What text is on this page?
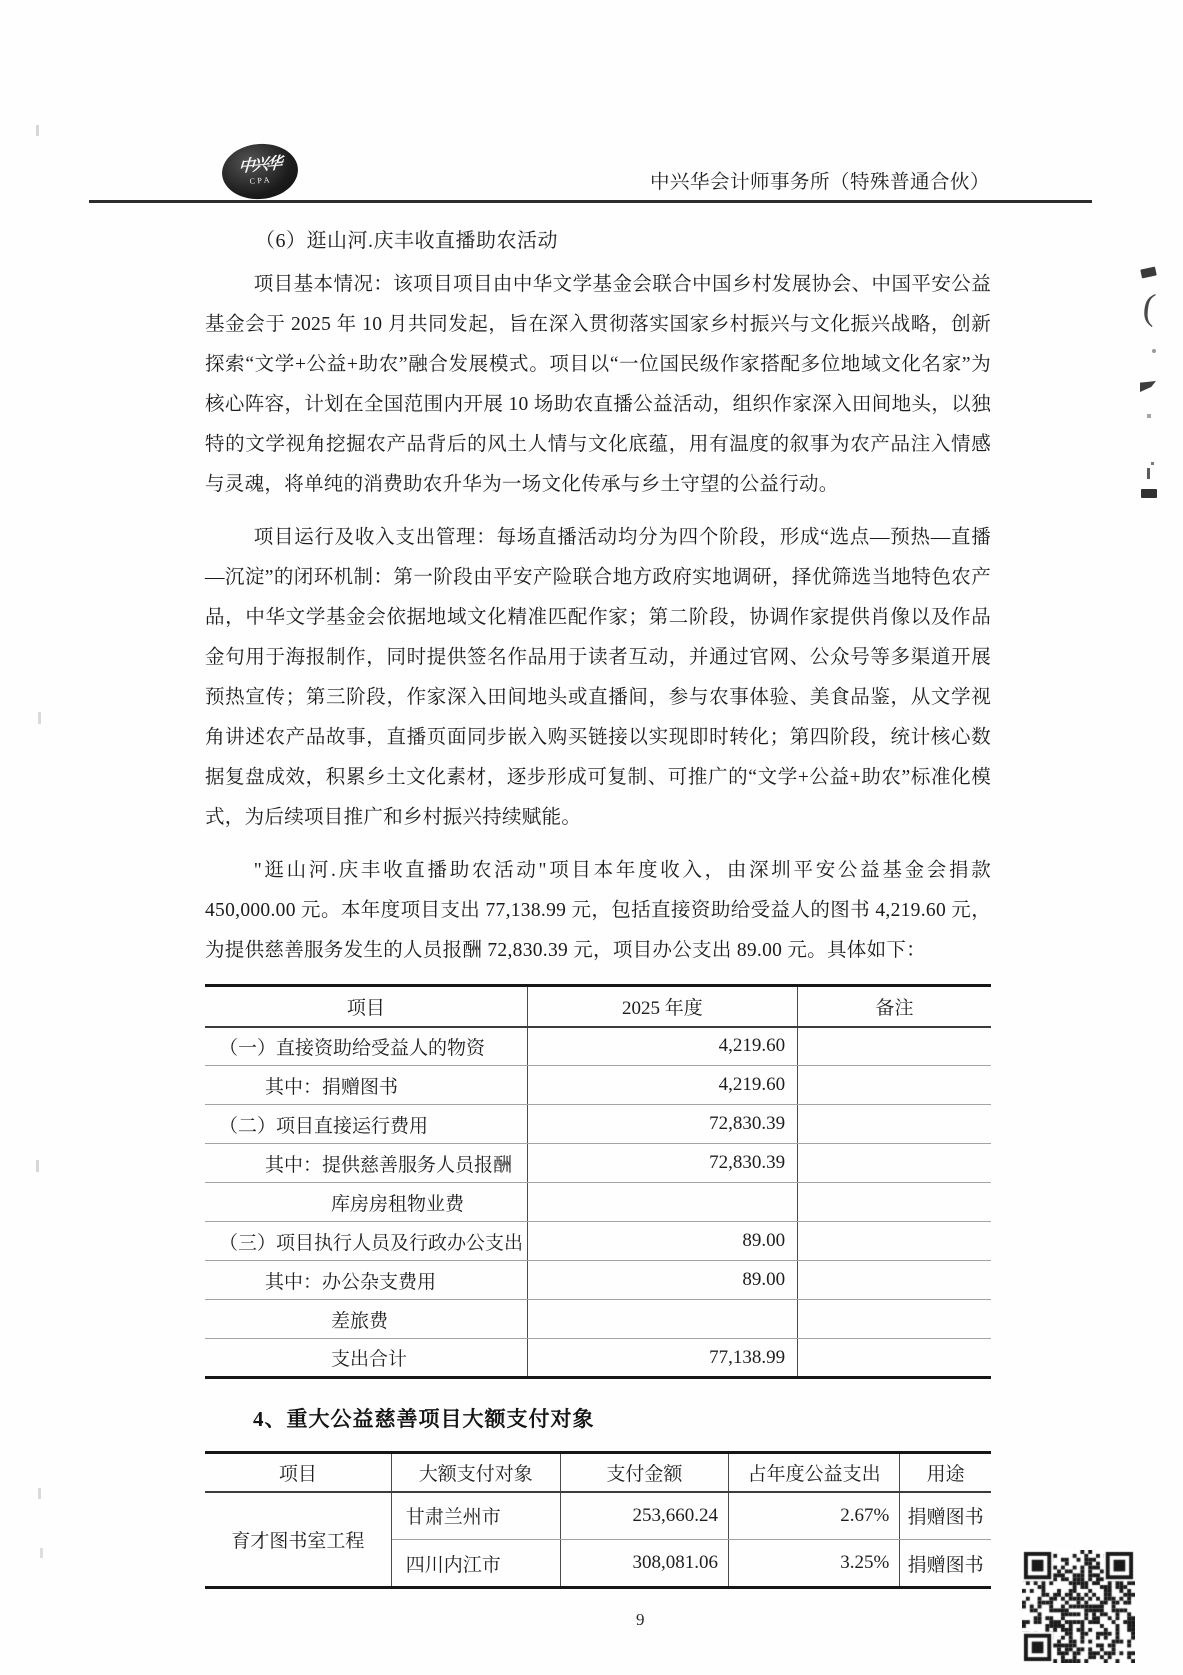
中兴华
CPA	中兴华会计师事务所（特殊普通合伙）
（6）逛山河.庆丰收直播助农活动

项目基本情况：该项目项目由中华文学基金会联合中国乡村发展协会、中国平安公益基金会于 2025 年 10 月共同发起，旨在深入贯彻落实国家乡村振兴与文化振兴战略，创新探索“文学+公益+助农”融合发展模式。项目以“一位国民级作家搭配多位地域文化名家”为核心阵容，计划在全国范围内开展 10 场助农直播公益活动，组织作家深入田间地头，以独特的文学视角挖掘农产品背后的风土人情与文化底蕴，用有温度的叙事为农产品注入情感与灵魂，将单纯的消费助农升华为一场文化传承与乡土守望的公益行动。

项目运行及收入支出管理：每场直播活动均分为四个阶段，形成“选点—预热—直播—沉淀”的闭环机制：第一阶段由平安产险联合地方政府实地调研，择优筛选当地特色农产品，中华文学基金会依据地域文化精准匹配作家；第二阶段，协调作家提供肖像以及作品金句用于海报制作，同时提供签名作品用于读者互动，并通过官网、公众号等多渠道开展预热宣传；第三阶段，作家深入田间地头或直播间，参与农事体验、美食品鉴，从文学视角讲述农产品故事，直播页面同步嵌入购买链接以实现即时转化；第四阶段，统计核心数据复盘成效，积累乡土文化素材，逐步形成可复制、可推广的“文学+公益+助农”标准化模式，为后续项目推广和乡村振兴持续赋能。

"逛山河.庆丰收直播助农活动"项目本年度收入，由深圳平安公益基金会捐款 450,000.00 元。本年度项目支出 77,138.99 元，包括直接资助给受益人的图书 4,219.60 元，为提供慈善服务发生的人员报酬 72,830.39 元，项目办公支出 89.00 元。具体如下：

项目	2025 年度	备注
（一）直接资助给受益人的物资	4,219.60	
其中：捐赠图书	4,219.60	
（二）项目直接运行费用	72,830.39	
其中：提供慈善服务人员报酬	72,830.39	
库房房租物业费		
（三）项目执行人员及行政办公支出	89.00	
其中：办公杂支费用	89.00	
差旅费		
支出合计	77,138.99	
4、重大公益慈善项目大额支付对象
项目	大额支付对象	支付金额	占年度公益支出	用途
育才图书室工程	甘肃兰州市	253,660.24	2.67%	捐赠图书
	四川内江市	308,081.06	3.25%	捐赠图书
9
(
